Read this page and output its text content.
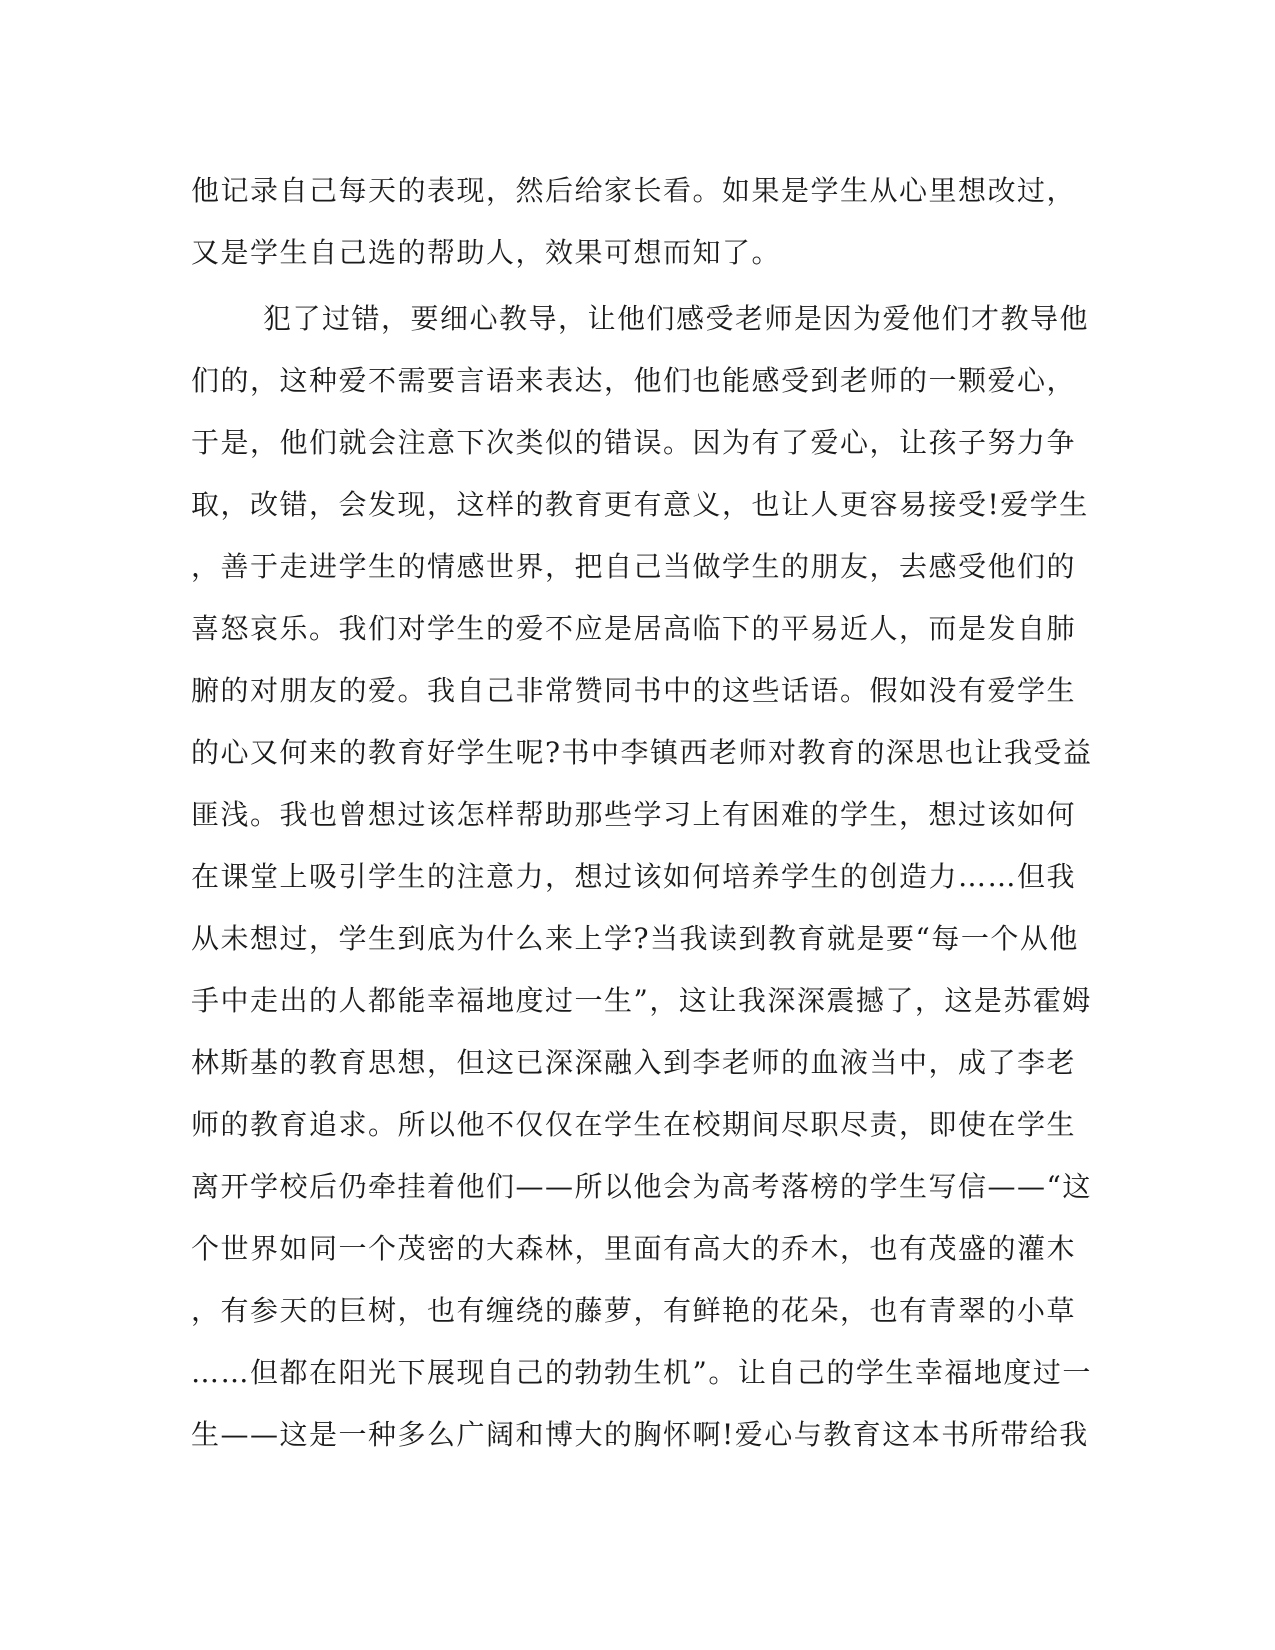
他记录自己每天的表现，然后给家长看。如果是学生从心里想改过，
又是学生自己选的帮助人，效果可想而知了。
犯了过错，要细心教导，让他们感受老师是因为爱他们才教导他
们的，这种爱不需要言语来表达，他们也能感受到老师的一颗爱心，
于是，他们就会注意下次类似的错误。因为有了爱心，让孩子努力争
取，改错，会发现，这样的教育更有意义，也让人更容易接受!爱学生
，善于走进学生的情感世界，把自己当做学生的朋友，去感受他们的
喜怒哀乐。我们对学生的爱不应是居高临下的平易近人，而是发自肺
腑的对朋友的爱。我自己非常赞同书中的这些话语。假如没有爱学生
的心又何来的教育好学生呢?书中李镇西老师对教育的深思也让我受益
匪浅。我也曾想过该怎样帮助那些学习上有困难的学生，想过该如何
在课堂上吸引学生的注意力，想过该如何培养学生的创造力……但我
从未想过，学生到底为什么来上学?当我读到教育就是要“每一个从他
手中走出的人都能幸福地度过一生”，这让我深深震撼了，这是苏霍姆
林斯基的教育思想，但这已深深融入到李老师的血液当中，成了李老
师的教育追求。所以他不仅仅在学生在校期间尽职尽责，即使在学生
离开学校后仍牵挂着他们——所以他会为高考落榜的学生写信——“这
个世界如同一个茂密的大森林，里面有高大的乔木，也有茂盛的灌木
，有参天的巨树，也有缠绕的藤萝，有鲜艳的花朵，也有青翠的小草
……但都在阳光下展现自己的勃勃生机”。让自己的学生幸福地度过一
生——这是一种多么广阔和博大的胸怀啊!爱心与教育这本书所带给我
